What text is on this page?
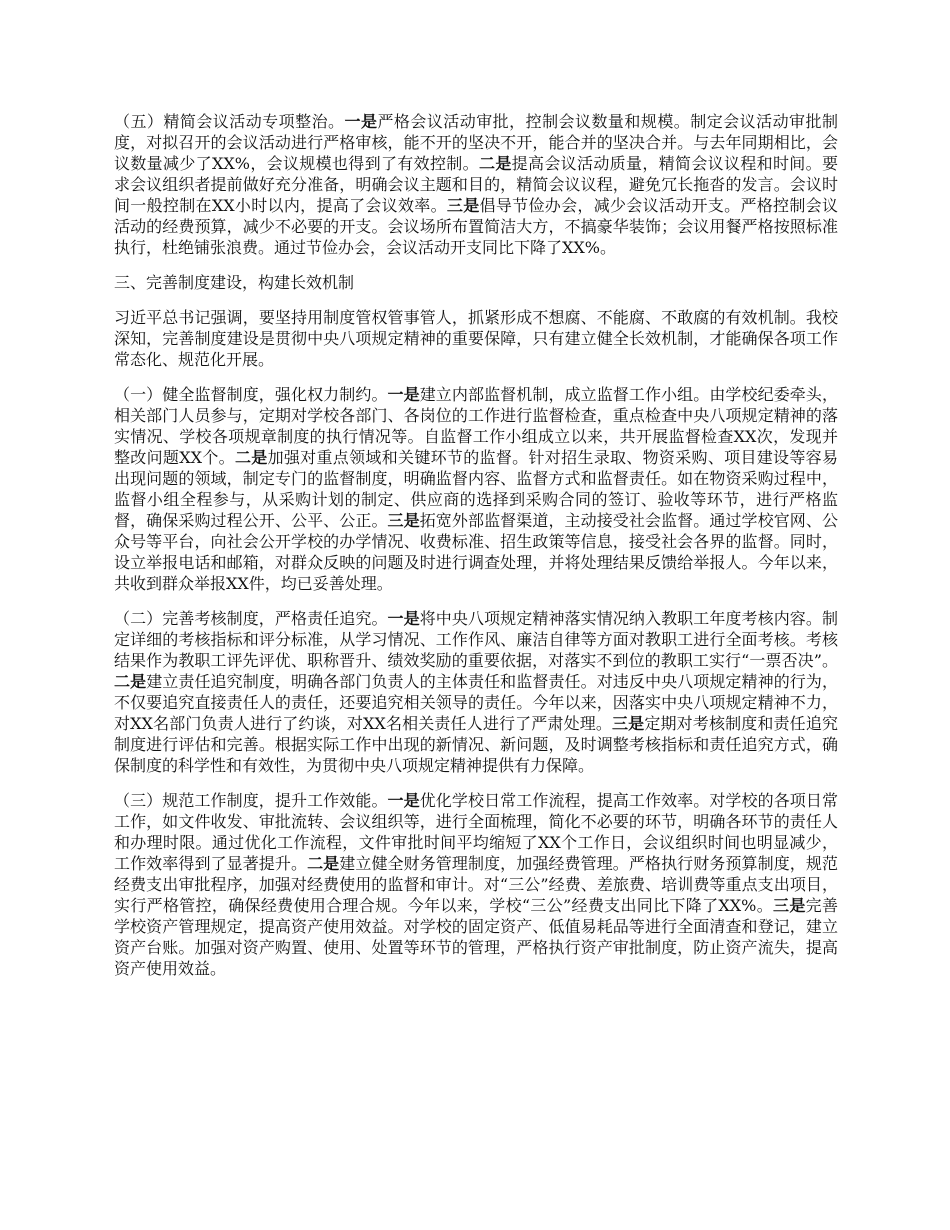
（五）精简会议活动专项整治。一是严格会议活动审批，控制会议数量和规模。制定会议活动审批制度，对拟召开的会议活动进行严格审核，能不开的坚决不开，能合并的坚决合并。与去年同期相比，会议数量减少了XX%，会议规模也得到了有效控制。二是提高会议活动质量，精简会议议程和时间。要求会议组织者提前做好充分准备，明确会议主题和目的，精简会议议程，避免冗长拖沓的发言。会议时间一般控制在XX小时以内，提高了会议效率。三是倡导节俭办会，减少会议活动开支。严格控制会议活动的经费预算，减少不必要的开支。会议场所布置简洁大方，不搞豪华装饰；会议用餐严格按照标准执行，杜绝铺张浪费。通过节俭办会，会议活动开支同比下降了XX%。

三、完善制度建设，构建长效机制

习近平总书记强调，要坚持用制度管权管事管人，抓紧形成不想腐、不能腐、不敢腐的有效机制。我校深知，完善制度建设是贯彻中央八项规定精神的重要保障，只有建立健全长效机制，才能确保各项工作常态化、规范化开展。

（一）健全监督制度，强化权力制约。一是建立内部监督机制，成立监督工作小组。由学校纪委牵头，相关部门人员参与，定期对学校各部门、各岗位的工作进行监督检查，重点检查中央八项规定精神的落实情况、学校各项规章制度的执行情况等。自监督工作小组成立以来，共开展监督检查XX次，发现并整改问题XX个。二是加强对重点领域和关键环节的监督。针对招生录取、物资采购、项目建设等容易出现问题的领域，制定专门的监督制度，明确监督内容、监督方式和监督责任。如在物资采购过程中，监督小组全程参与，从采购计划的制定、供应商的选择到采购合同的签订、验收等环节，进行严格监督，确保采购过程公开、公平、公正。三是拓宽外部监督渠道，主动接受社会监督。通过学校官网、公众号等平台，向社会公开学校的办学情况、收费标准、招生政策等信息，接受社会各界的监督。同时，设立举报电话和邮箱，对群众反映的问题及时进行调查处理，并将处理结果反馈给举报人。今年以来，共收到群众举报XX件，均已妥善处理。

（二）完善考核制度，严格责任追究。一是将中央八项规定精神落实情况纳入教职工年度考核内容。制定详细的考核指标和评分标准，从学习情况、工作作风、廉洁自律等方面对教职工进行全面考核。考核结果作为教职工评先评优、职称晋升、绩效奖励的重要依据，对落实不到位的教职工实行“一票否决”。二是建立责任追究制度，明确各部门负责人的主体责任和监督责任。对违反中央八项规定精神的行为，不仅要追究直接责任人的责任，还要追究相关领导的责任。今年以来，因落实中央八项规定精神不力，对XX名部门负责人进行了约谈，对XX名相关责任人进行了严肃处理。三是定期对考核制度和责任追究制度进行评估和完善。根据实际工作中出现的新情况、新问题，及时调整考核指标和责任追究方式，确保制度的科学性和有效性，为贯彻中央八项规定精神提供有力保障。

（三）规范工作制度，提升工作效能。一是优化学校日常工作流程，提高工作效率。对学校的各项日常工作，如文件收发、审批流转、会议组织等，进行全面梳理，简化不必要的环节，明确各环节的责任人和办理时限。通过优化工作流程，文件审批时间平均缩短了XX个工作日，会议组织时间也明显减少，工作效率得到了显著提升。二是建立健全财务管理制度，加强经费管理。严格执行财务预算制度，规范经费支出审批程序，加强对经费使用的监督和审计。对“三公”经费、差旅费、培训费等重点支出项目，实行严格管控，确保经费使用合理合规。今年以来，学校“三公”经费支出同比下降了XX%。三是完善学校资产管理规定，提高资产使用效益。对学校的固定资产、低值易耗品等进行全面清查和登记，建立资产台账。加强对资产购置、使用、处置等环节的管理，严格执行资产审批制度，防止资产流失，提高资产使用效益。
